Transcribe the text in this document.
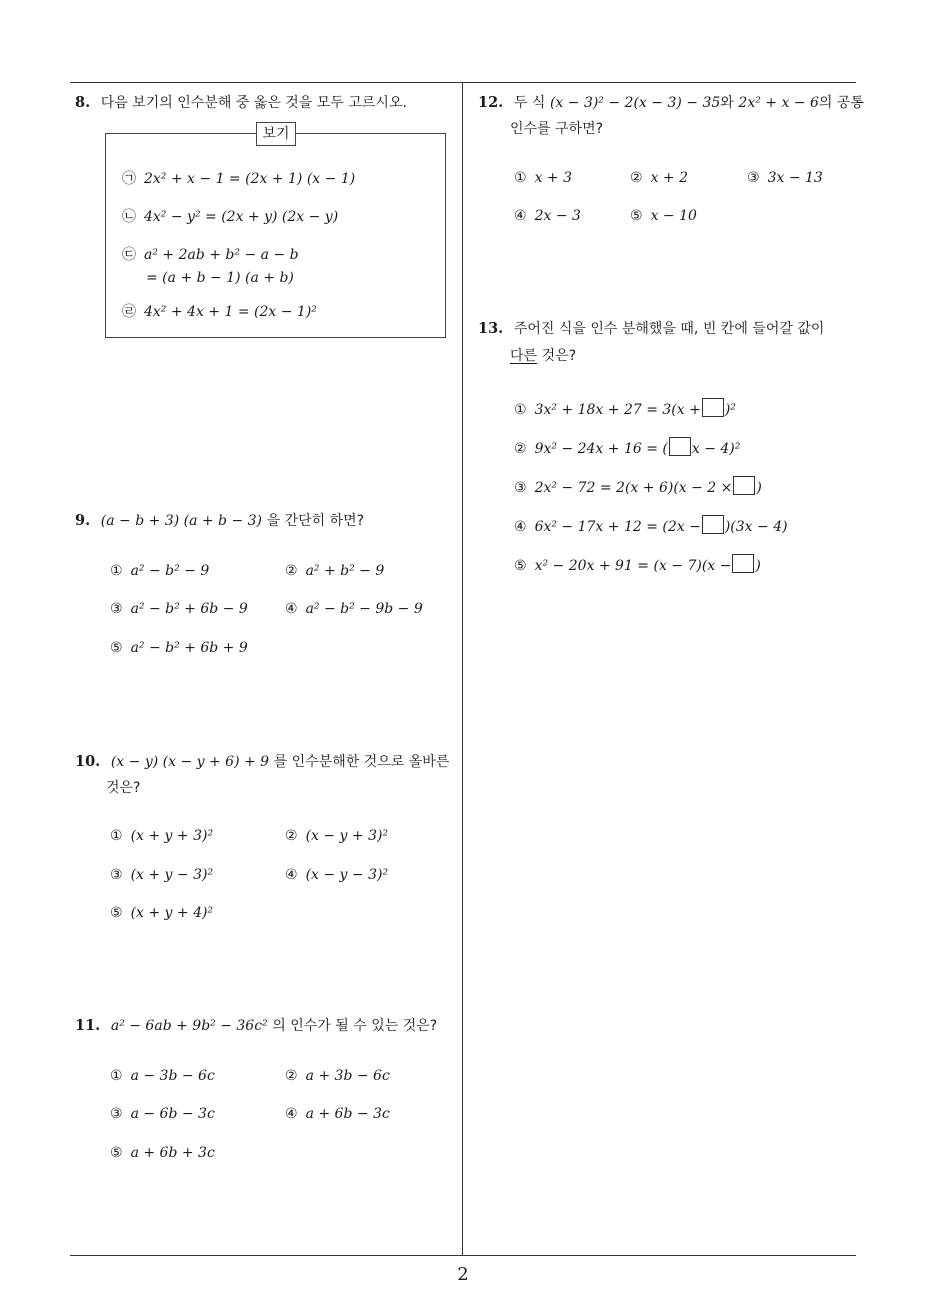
8. 다음 보기의 인수분해 중 옳은 것을 모두 고르시오.
보기
㉠ 2x² + x − 1 = (2x + 1) (x − 1)
㉡ 4x² − y² = (2x + y) (2x − y)
㉢ a² + 2ab + b² − a − b
= (a + b − 1) (a + b)
㉣ 4x² + 4x + 1 = (2x − 1)²
9. (a − b + 3) (a + b − 3) 을 간단히 하면?
① a² − b² − 9	② a² + b² − 9
③ a² − b² + 6b − 9	④ a² − b² − 9b − 9
⑤ a² − b² + 6b + 9
10. (x − y) (x − y + 6) + 9 를 인수분해한 것으로 올바른
것은?
① (x + y + 3)²	② (x − y + 3)²
③ (x + y − 3)²	④ (x − y − 3)²
⑤ (x + y + 4)²
11. a² − 6ab + 9b² − 36c² 의 인수가 될 수 있는 것은?
① a − 3b − 6c	② a + 3b − 6c
③ a − 6b − 3c	④ a + 6b − 3c
⑤ a + 6b + 3c
12. 두 식 (x − 3)² − 2(x − 3) − 35와 2x² + x − 6의 공통
인수를 구하면?
① x + 3	② x + 2	③ 3x − 13
④ 2x − 3	⑤ x − 10
13. 주어진 식을 인수 분해했을 때, 빈 칸에 들어갈 값이
다른 것은?
① 3x² + 18x + 27 = 3(x + )²
② 9x² − 24x + 16 = ( x − 4)²
③ 2x² − 72 = 2(x + 6)(x − 2 × )
④ 6x² − 17x + 12 = (2x − )(3x − 4)
⑤ x² − 20x + 91 = (x − 7)(x − )
2
